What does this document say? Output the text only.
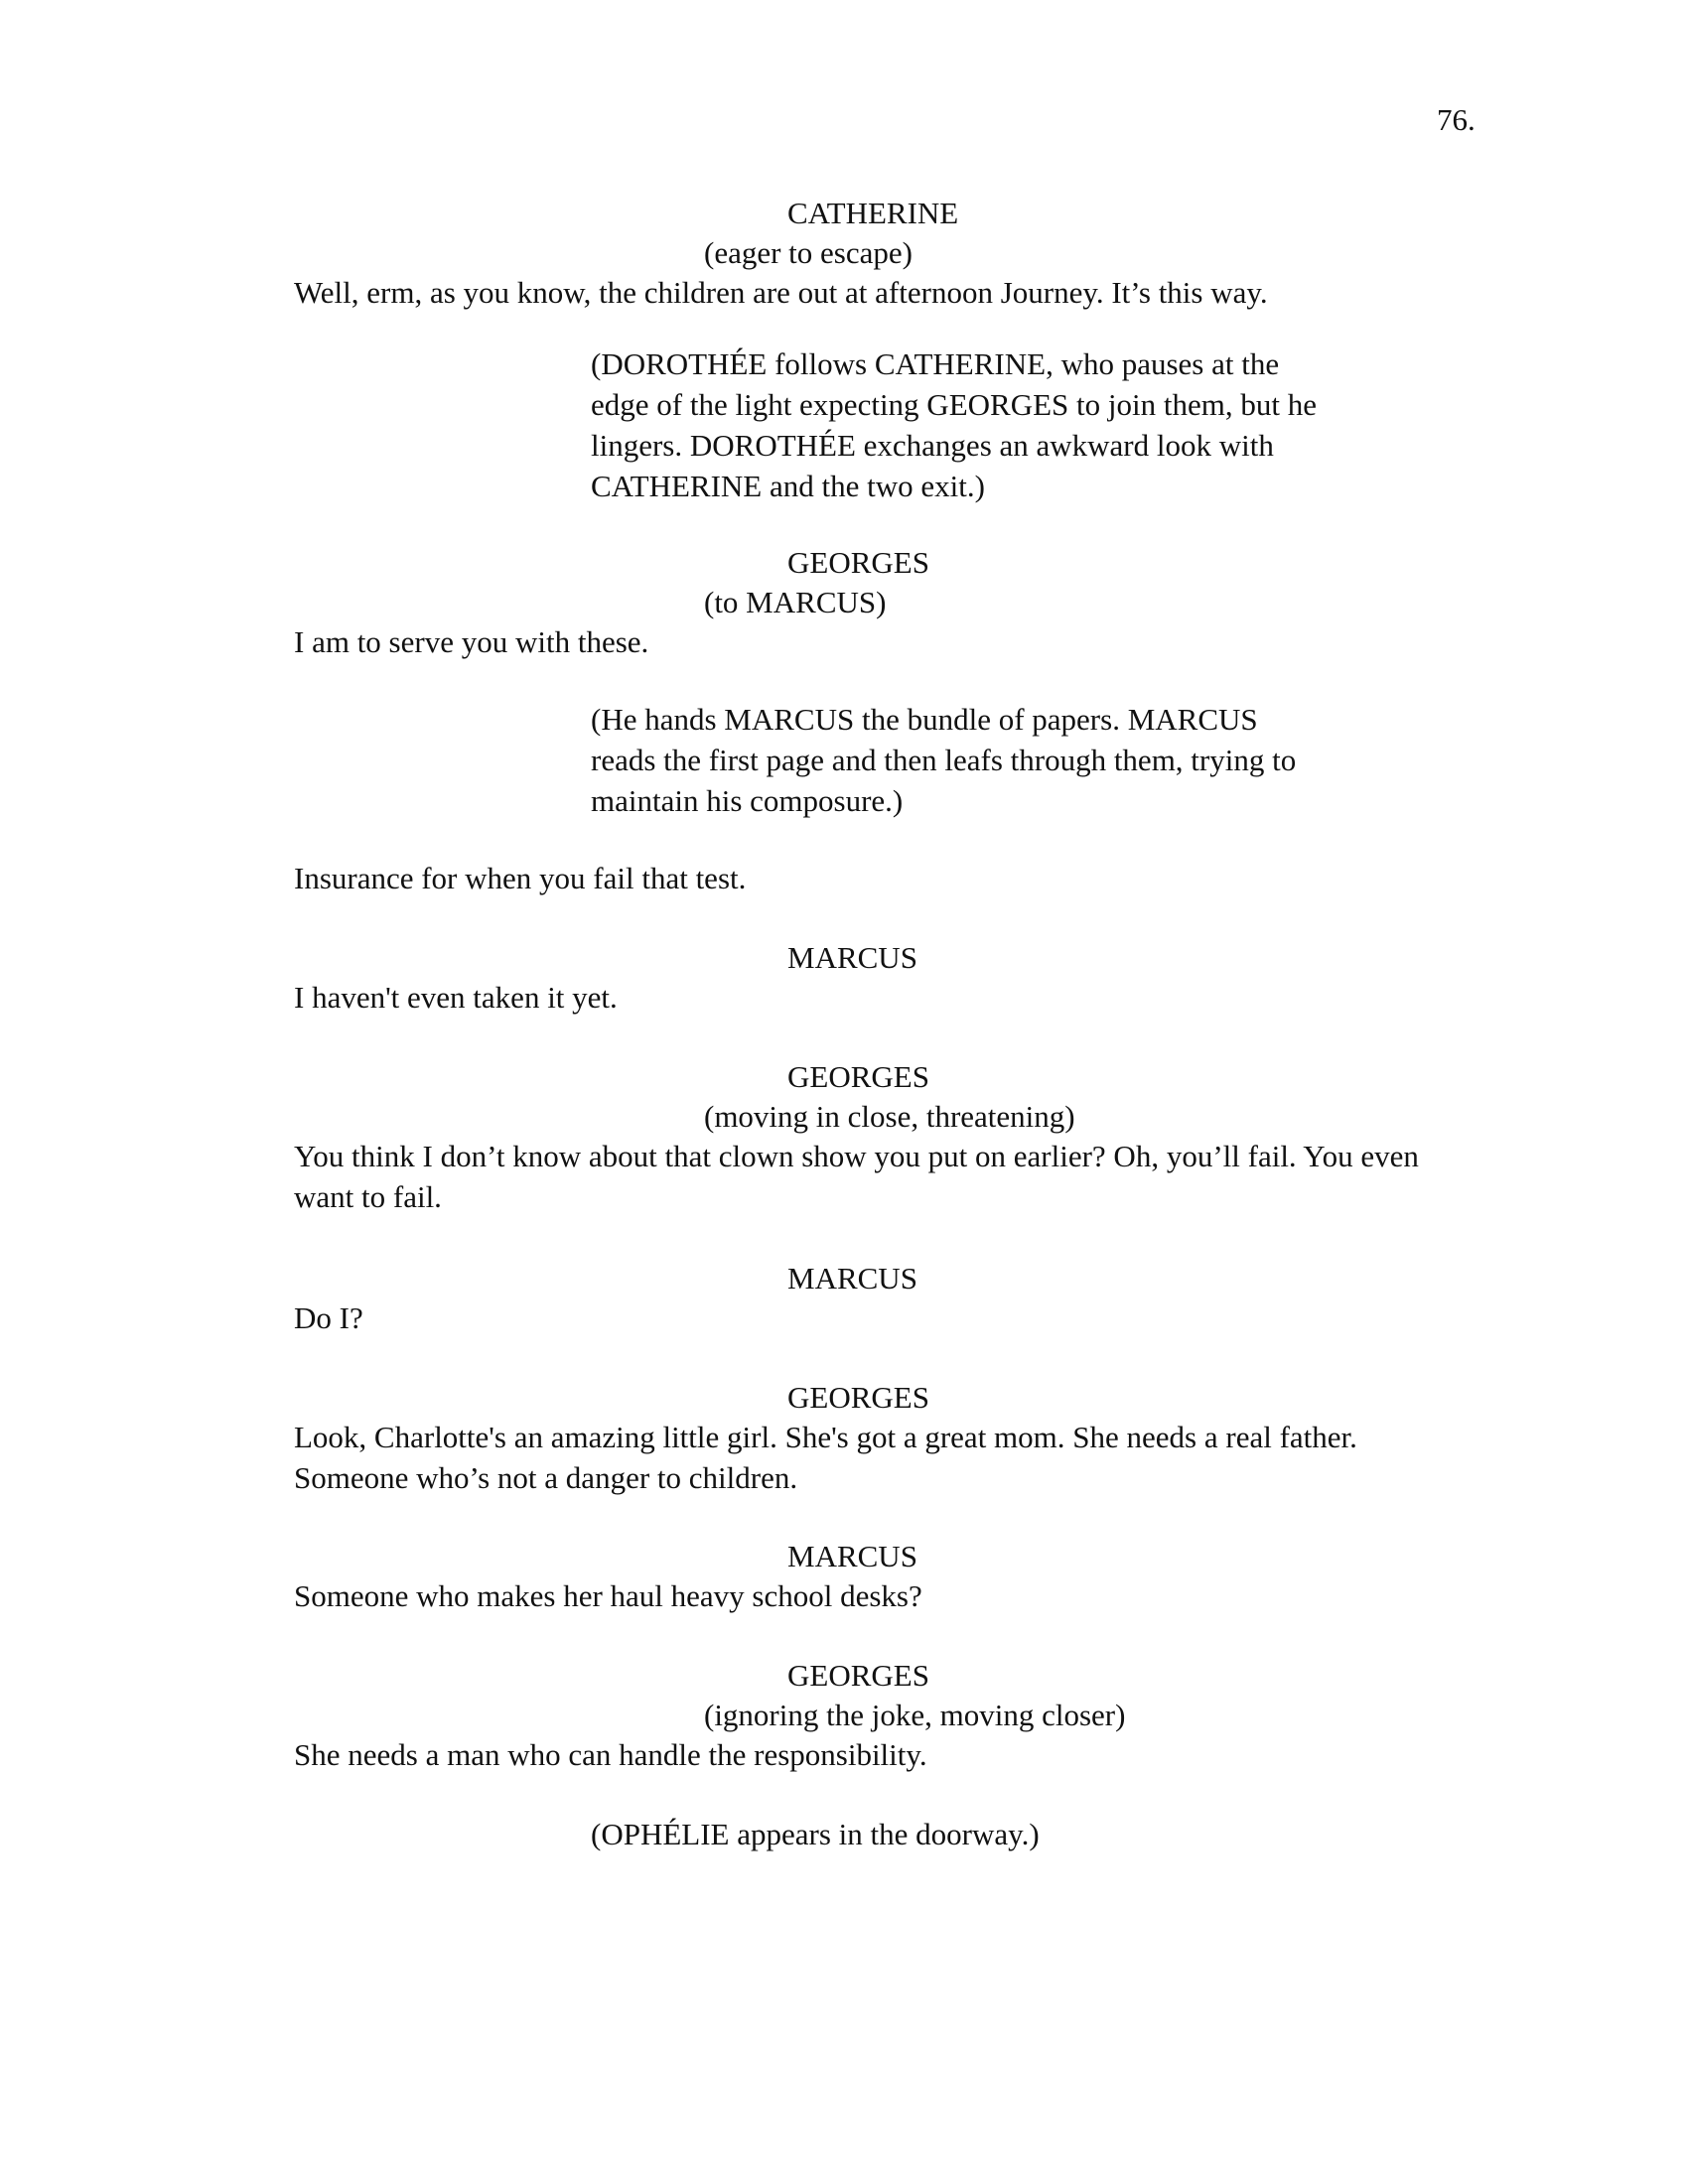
76.
CATHERINE
(eager to escape)
Well, erm, as you know, the children are out at afternoon Journey. It’s this way.
(DOROTHÉE follows CATHERINE, who pauses at the edge of the light expecting GEORGES to join them, but he lingers. DOROTHÉE exchanges an awkward look with CATHERINE and the two exit.)
GEORGES
(to MARCUS)
I am to serve you with these.
(He hands MARCUS the bundle of papers. MARCUS reads the first page and then leafs through them, trying to maintain his composure.)
Insurance for when you fail that test.
MARCUS
I haven't even taken it yet.
GEORGES
(moving in close, threatening)
You think I don’t know about that clown show you put on earlier? Oh, you’ll fail. You even want to fail.
MARCUS
Do I?
GEORGES
Look, Charlotte's an amazing little girl. She's got a great mom. She needs a real father. Someone who’s not a danger to children.
MARCUS
Someone who makes her haul heavy school desks?
GEORGES
(ignoring the joke, moving closer)
She needs a man who can handle the responsibility.
(OPHÉLIE appears in the doorway.)
